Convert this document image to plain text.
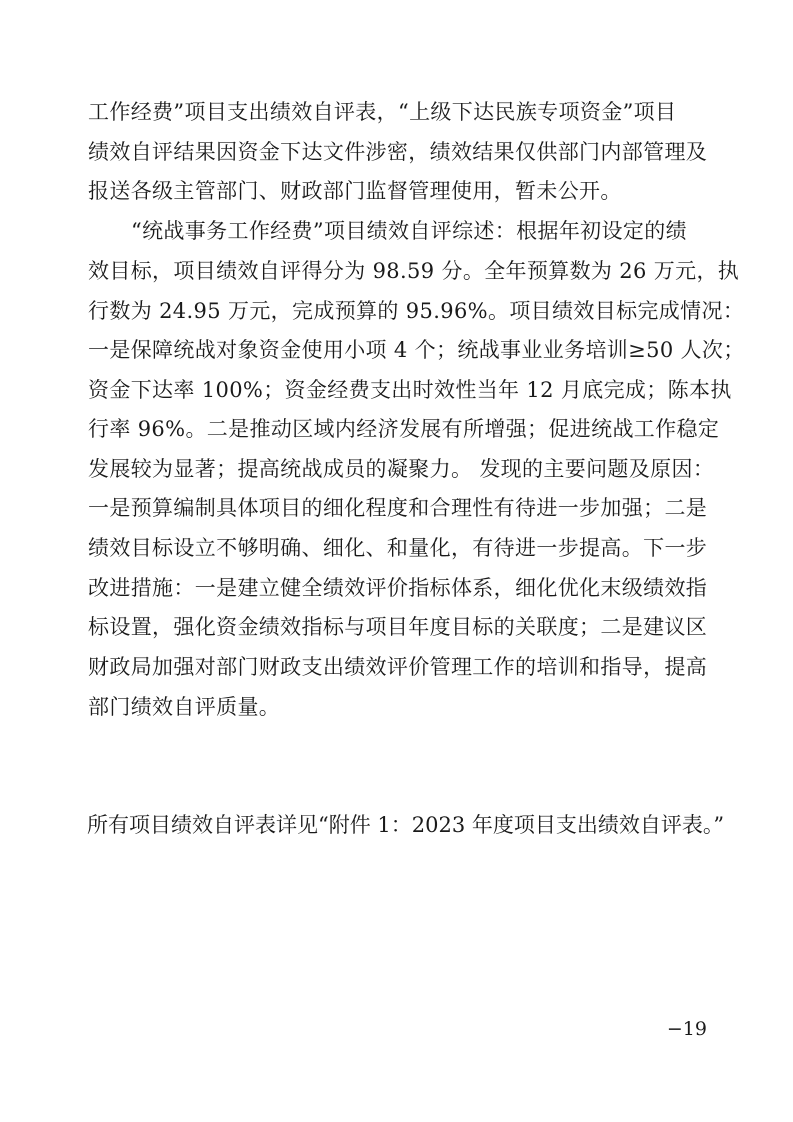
工作经费”项目支出绩效自评表，“上级下达民族专项资金”项目
绩效自评结果因资金下达文件涉密，绩效结果仅供部门内部管理及
报送各级主管部门、财政部门监督管理使用，暂未公开。
“统战事务工作经费”项目绩效自评综述：根据年初设定的绩
效目标，项目绩效自评得分为 98.59 分。全年预算数为 26 万元，执
行数为 24.95 万元，完成预算的 95.96%。项目绩效目标完成情况：
一是保障统战对象资金使用小项 4 个；统战事业业务培训≥50 人次；
资金下达率 100%；资金经费支出时效性当年 12 月底完成；陈本执
行率 96%。二是推动区域内经济发展有所增强；促进统战工作稳定
发展较为显著；提高统战成员的凝聚力。 发现的主要问题及原因：
一是预算编制具体项目的细化程度和合理性有待进一步加强；二是
绩效目标设立不够明确、细化、和量化，有待进一步提高。下一步
改进措施：一是建立健全绩效评价指标体系，细化优化末级绩效指
标设置，强化资金绩效指标与项目年度目标的关联度；二是建议区
财政局加强对部门财政支出绩效评价管理工作的培训和指导，提高
部门绩效自评质量。
所有项目绩效自评表详见“附件 1：2023 年度项目支出绩效自评表。”
−19
